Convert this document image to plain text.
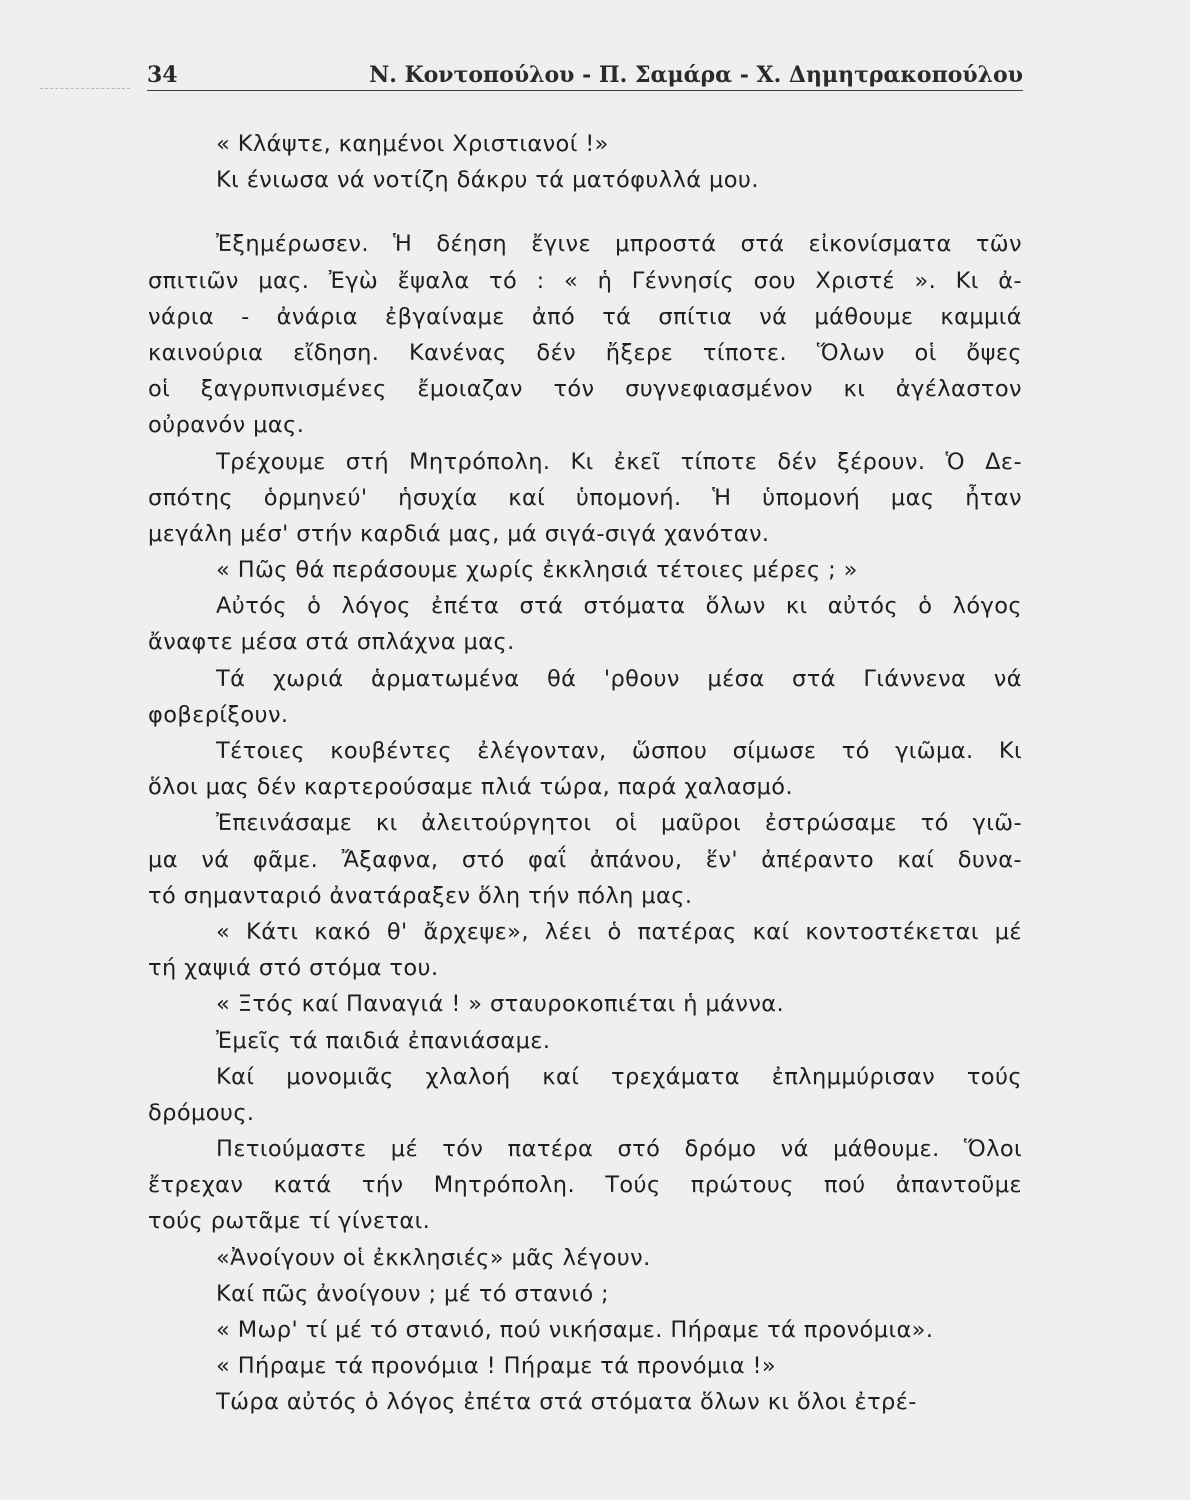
34	Ν. Κοντοπούλου - Π. Σαμάρα - Χ. Δημητρακοπούλου
« Κλάψτε, καημένοι Χριστιανοί !»
Κι ένιωσα νά νοτίζη δάκρυ τά ματόφυλλά μου.
Ἐξημέρωσεν. Ἡ δέηση ἔγινε μπροστά στά εἰκονίσματα τῶν
σπιτιῶν μας. Ἐγὼ ἔψαλα τό : « ἡ Γέννησίς σου Χριστέ ». Κι ἀ-
νάρια - ἀνάρια ἐβγαίναμε ἀπό τά σπίτια νά μάθουμε καμμιά
καινούρια εἴδηση. Κανένας δέν ἤξερε τίποτε. Ὅλων οἱ ὄψες
οἱ ξαγρυπνισμένες ἔμοιαζαν τόν συγνεφιασμένον κι ἀγέλαστον
οὐρανόν μας.
Τρέχουμε στή Μητρόπολη. Κι ἐκεῖ τίποτε δέν ξέρουν. Ὁ Δε-
σπότης ὁρμηνεύ' ἡσυχία καί ὑπομονή. Ἡ ὑπομονή μας ἦταν
μεγάλη μέσ' στήν καρδιά μας, μά σιγά-σιγά χανόταν.
« Πῶς θά περάσουμε χωρίς ἐκκλησιά τέτοιες μέρες ; »
Αὐτός ὁ λόγος ἐπέτα στά στόματα ὅλων κι αὐτός ὁ λόγος
ἄναφτε μέσα στά σπλάχνα μας.
Τά χωριά ἁρματωμένα θά 'ρθουν μέσα στά Γιάννενα νά
φοβερίξουν.
Τέτοιες κουβέντες ἐλέγονταν, ὥσπου σίμωσε τό γιῶμα. Κι
ὅλοι μας δέν καρτερούσαμε πλιά τώρα, παρά χαλασμό.
Ἐπεινάσαμε κι ἀλειτούργητοι οἱ μαῦροι ἐστρώσαμε τό γιῶ-
μα νά φᾶμε. Ἄξαφνα, στό φαΐ ἀπάνου, ἕν' ἀπέραντο καί δυνα-
τό σημανταριό ἀνατάραξεν ὅλη τήν πόλη μας.
« Κάτι κακό θ' ἄρχεψε», λέει ὁ πατέρας καί κοντοστέκεται μέ
τή χαψιά στό στόμα του.
« Ξτός καί Παναγιά ! » σταυροκοπιέται ἡ μάννα.
Ἐμεῖς τά παιδιά ἐπανιάσαμε.
Καί μονομιᾶς χλαλοή καί τρεχάματα ἐπλημμύρισαν τούς
δρόμους.
Πετιούμαστε μέ τόν πατέρα στό δρόμο νά μάθουμε. Ὅλοι
ἔτρεχαν κατά τήν Μητρόπολη. Τούς πρώτους πού ἀπαντοῦμε
τούς ρωτᾶμε τί γίνεται.
«Ἀνοίγουν οἱ ἐκκλησιές» μᾶς λέγουν.
Καί πῶς ἀνοίγουν ; μέ τό στανιό ;
« Μωρ' τί μέ τό στανιό, πού νικήσαμε. Πήραμε τά προνόμια».
« Πήραμε τά προνόμια ! Πήραμε τά προνόμια !»
Τώρα αὐτός ὁ λόγος ἐπέτα στά στόματα ὅλων κι ὅλοι ἐτρέ-
